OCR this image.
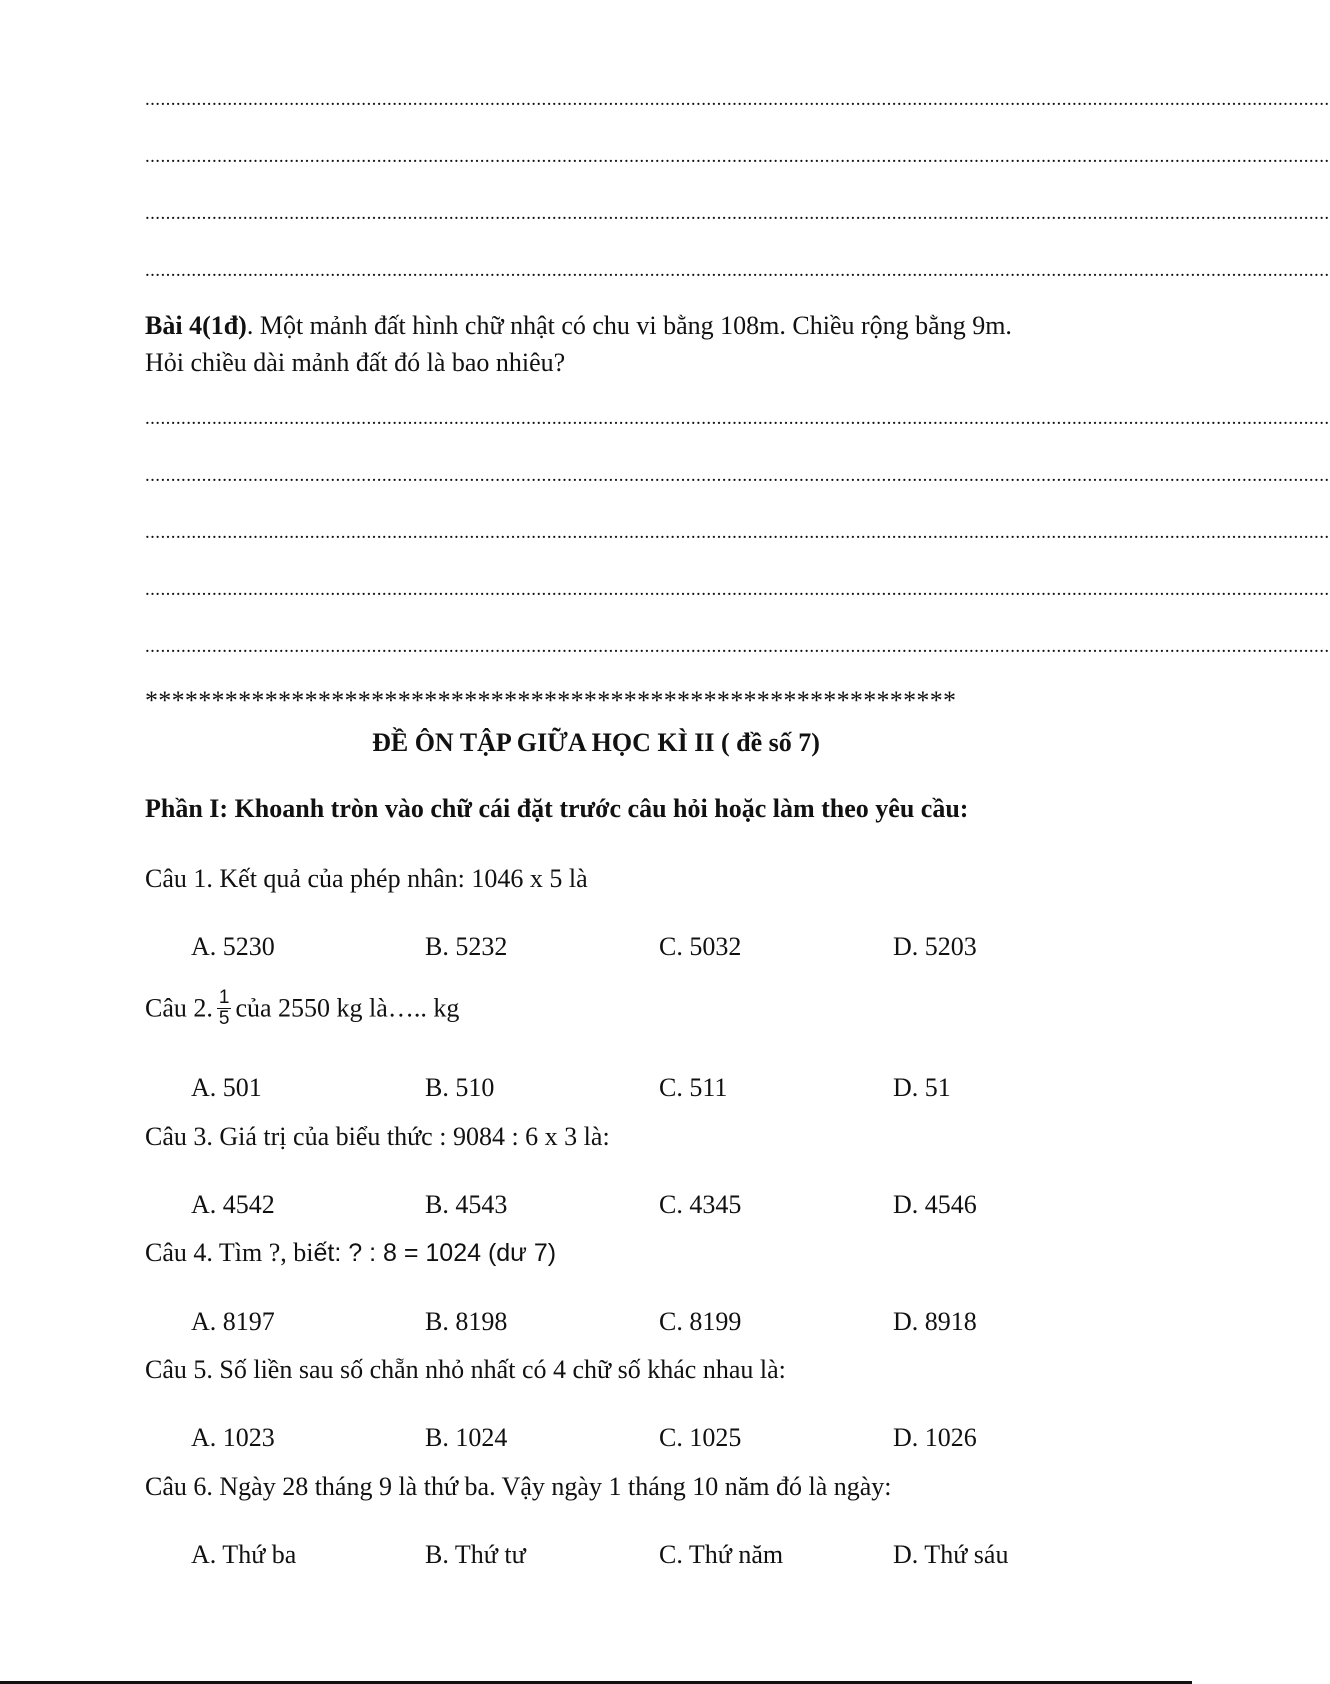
......................................................................................................................................................................................................................................
......................................................................................................................................................................................................................................
......................................................................................................................................................................................................................................
......................................................................................................................................................................................................................................
Bài 4(1đ). Một mảnh đất hình chữ nhật có chu vi bằng 108m. Chiều rộng bằng 9m.
Hỏi chiều dài mảnh đất đó là bao nhiêu?
......................................................................................................................................................................................................................................
......................................................................................................................................................................................................................................
......................................................................................................................................................................................................................................
......................................................................................................................................................................................................................................
......................................................................................................................................................................................................................................
*************************************************************
ĐỀ ÔN TẬP GIỮA HỌC KÌ II ( đề số 7)
Phần I: Khoanh tròn vào chữ cái đặt trước câu hỏi hoặc làm theo yêu cầu:
Câu 1. Kết quả của phép nhân: 1046 x 5 là
A. 5230	B. 5232	C. 5032	D. 5203
Câu 2. $\frac{1}{5}$ của 2550 kg là….. kg
A. 501	B. 510	C. 511	D. 51
Câu 3. Giá trị của biểu thức : 9084 : 6 x 3 là:
A. 4542	B. 4543	C. 4345	D. 4546
Câu 4. Tìm ?, biết: ? : 8 = 1024 (dư 7)
A. 8197	B. 8198	C. 8199	D. 8918
Câu 5. Số liền sau số chẵn nhỏ nhất có 4 chữ số khác nhau là:
A. 1023	B. 1024	C. 1025	D. 1026
Câu 6. Ngày 28 tháng 9 là thứ ba. Vậy ngày 1 tháng 10 năm đó là ngày:
A. Thứ ba	B. Thứ tư	C. Thứ năm	D. Thứ sáu
